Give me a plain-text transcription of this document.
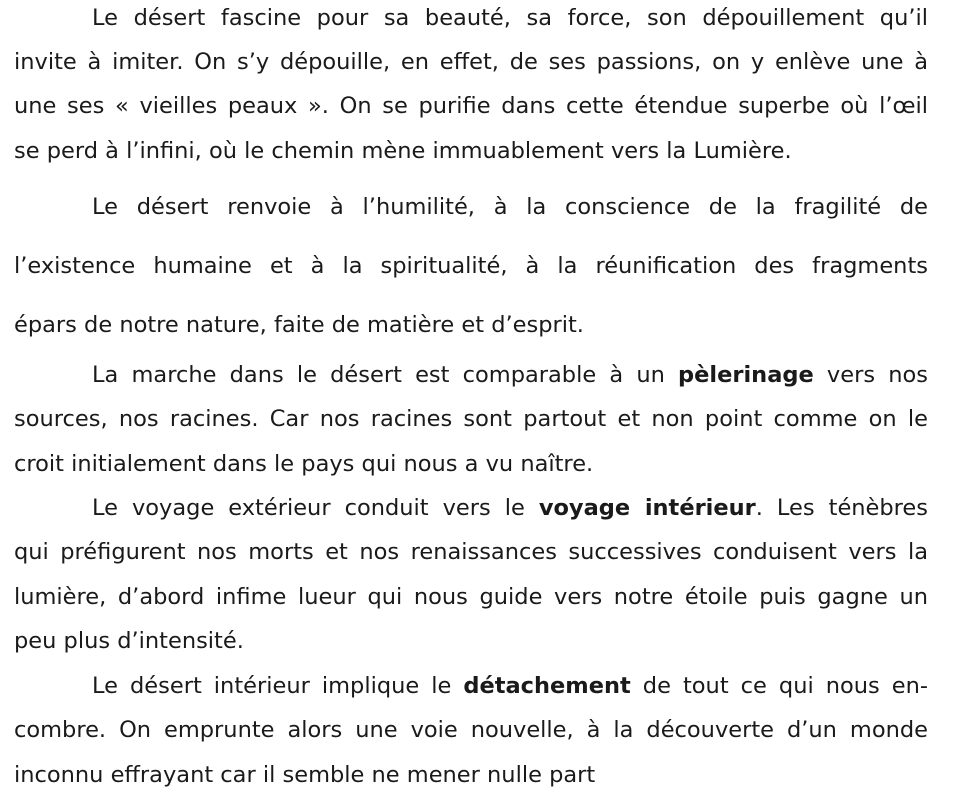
Le désert fascine pour sa beauté, sa force, son dépouillement qu’il
invite à imiter. On s’y dépouille, en effet, de ses passions, on y enlève une à
une ses « vieilles peaux ». On se purifie dans cette étendue superbe où l’œil
se perd à l’infini, où le chemin mène immuablement vers la Lumière.
Le désert renvoie à l’humilité, à la conscience de la fragilité de
l’existence humaine et à la spiritualité, à la réunification des fragments
épars de notre nature, faite de matière et d’esprit.
La marche dans le désert est comparable à un pèlerinage vers nos
sources, nos racines. Car nos racines sont partout et non point comme on le
croit initialement dans le pays qui nous a vu naître.
Le voyage extérieur conduit vers le voyage intérieur. Les ténèbres
qui préfigurent nos morts et nos renaissances successives conduisent vers la
lumière, d’abord infime lueur qui nous guide vers notre étoile puis gagne un
peu plus d’intensité.
Le désert intérieur implique le détachement de tout ce qui nous en-
combre. On emprunte alors une voie nouvelle, à la découverte d’un monde
inconnu effrayant car il semble ne mener nulle part
